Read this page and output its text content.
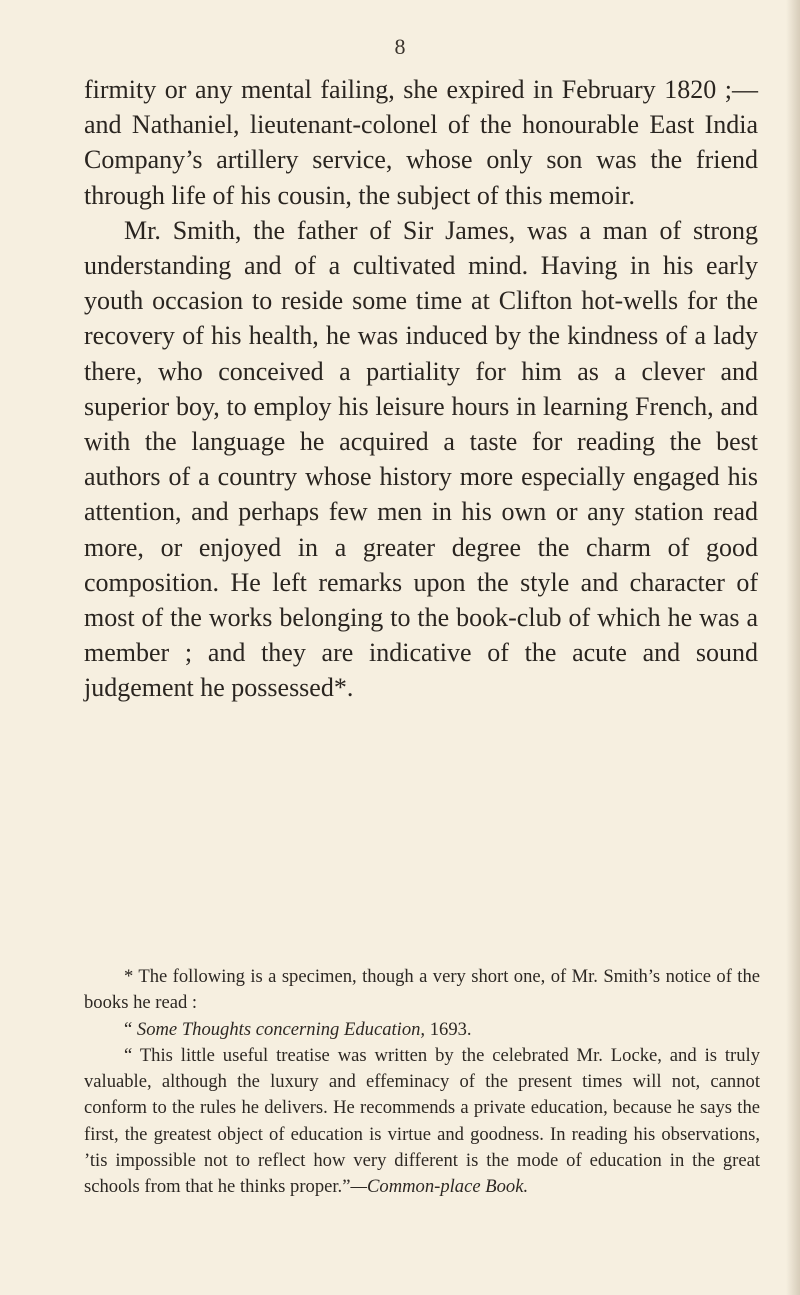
8

firmity or any mental failing, she expired in February 1820 ;—and Nathaniel, lieutenant-colonel of the honourable East India Company’s artillery service, whose only son was the friend through life of his cousin, the subject of this memoir.

Mr. Smith, the father of Sir James, was a man of strong understanding and of a cultivated mind. Having in his early youth occasion to reside some time at Clifton hot-wells for the recovery of his health, he was induced by the kindness of a lady there, who conceived a partiality for him as a clever and superior boy, to employ his leisure hours in learning French, and with the language he acquired a taste for reading the best authors of a country whose history more especially engaged his attention, and perhaps few men in his own or any station read more, or enjoyed in a greater degree the charm of good composition. He left remarks upon the style and character of most of the works belonging to the book-club of which he was a member ; and they are indicative of the acute and sound judgement he possessed*.

* The following is a specimen, though a very short one, of Mr. Smith’s notice of the books he read :

“ Some Thoughts concerning Education, 1693.

“ This little useful treatise was written by the celebrated Mr. Locke, and is truly valuable, although the luxury and effeminacy of the present times will not, cannot conform to the rules he delivers. He recommends a private education, because he says the first, the greatest object of education is virtue and goodness. In reading his observations, ’tis impossible not to reflect how very different is the mode of education in the great schools from that he thinks proper.”—Common-place Book.
